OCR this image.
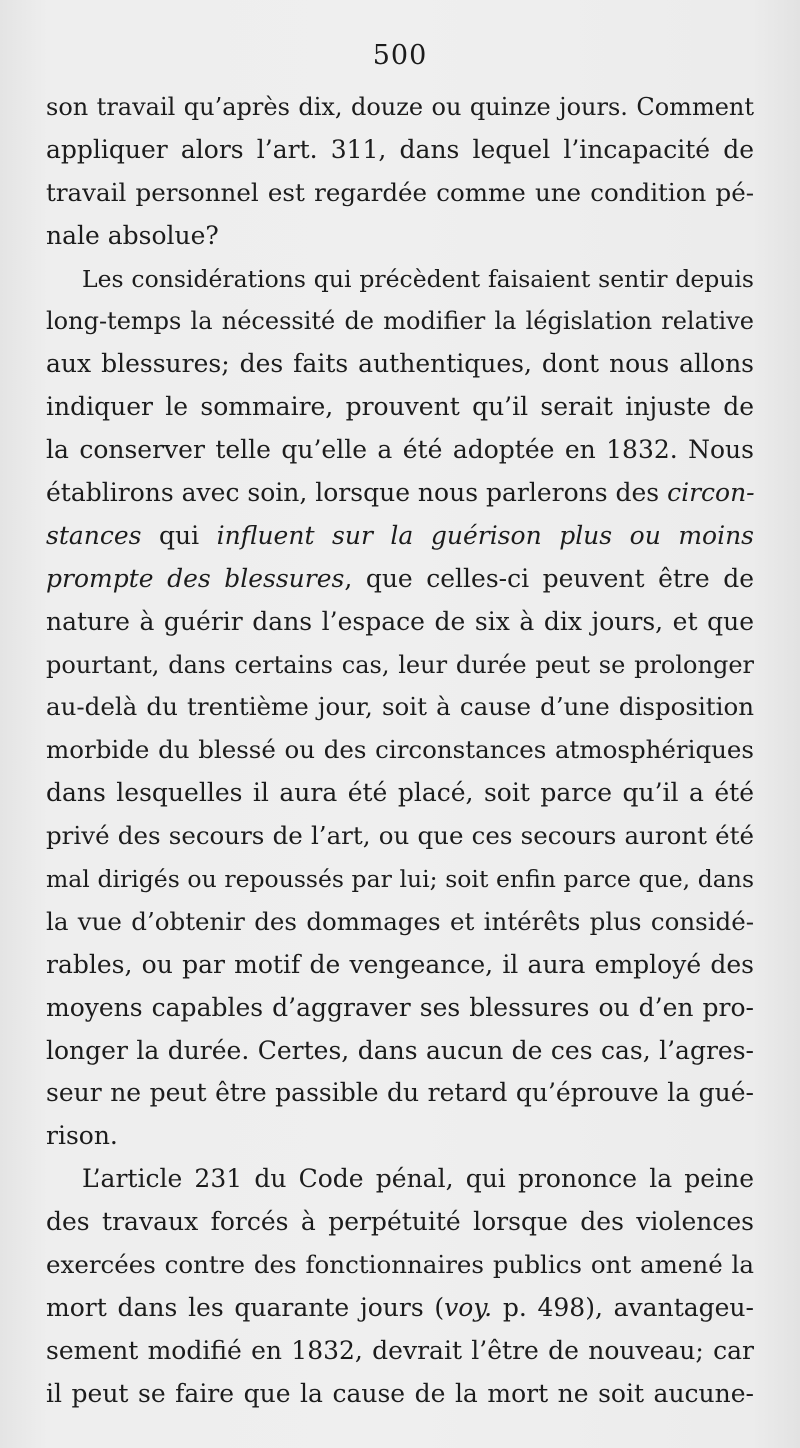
500
son travail qu’après dix, douze ou quinze jours. Comment
appliquer alors l’art. 311, dans lequel l’incapacité de
travail personnel est regardée comme une condition pé-
nale absolue?
Les considérations qui précèdent faisaient sentir depuis
long-temps la nécessité de modifier la législation relative
aux blessures; des faits authentiques, dont nous allons
indiquer le sommaire, prouvent qu’il serait injuste de
la conserver telle qu’elle a été adoptée en 1832. Nous
établirons avec soin, lorsque nous parlerons des circon-
stances qui influent sur la guérison plus ou moins
prompte des blessures, que celles-ci peuvent être de
nature à guérir dans l’espace de six à dix jours, et que
pourtant, dans certains cas, leur durée peut se prolonger
au-delà du trentième jour, soit à cause d’une disposition
morbide du blessé ou des circonstances atmosphériques
dans lesquelles il aura été placé, soit parce qu’il a été
privé des secours de l’art, ou que ces secours auront été
mal dirigés ou repoussés par lui; soit enfin parce que, dans
la vue d’obtenir des dommages et intérêts plus considé-
rables, ou par motif de vengeance, il aura employé des
moyens capables d’aggraver ses blessures ou d’en pro-
longer la durée. Certes, dans aucun de ces cas, l’agres-
seur ne peut être passible du retard qu’éprouve la gué-
rison.
L’article 231 du Code pénal, qui prononce la peine
des travaux forcés à perpétuité lorsque des violences
exercées contre des fonctionnaires publics ont amené la
mort dans les quarante jours (voy. p. 498), avantageu-
sement modifié en 1832, devrait l’être de nouveau; car
il peut se faire que la cause de la mort ne soit aucune-
